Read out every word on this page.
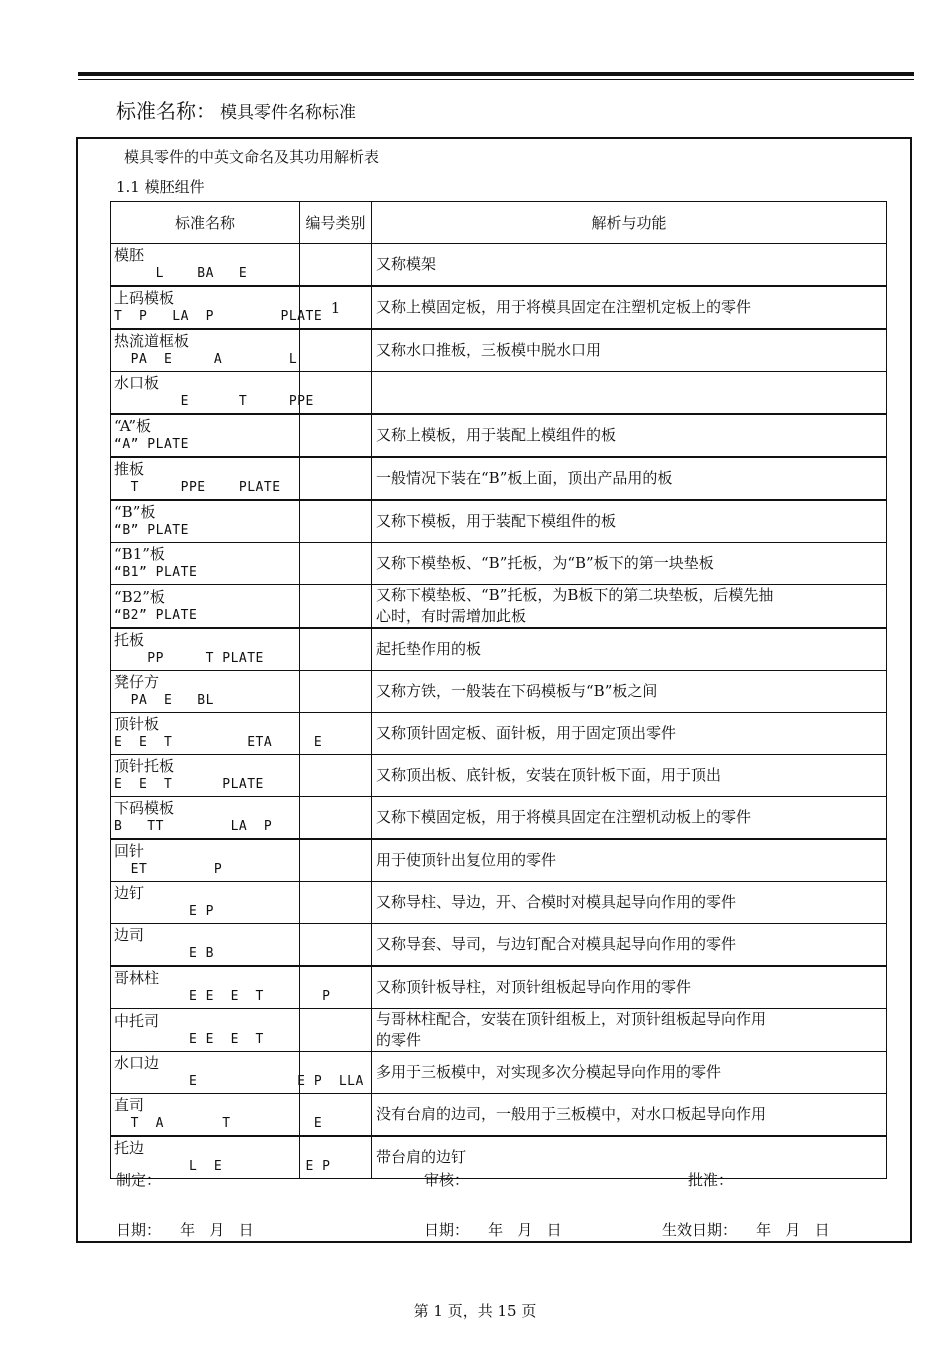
标准名称： 模具零件名称标准
模具零件的中英文命名及其功用解析表
1.1 模胚组件
标准名称	编号类别	解析与功能

模胚
L    BA   E		又称模架

上码模板
T  P   LA  P        PLATE	1	又称上模固定板，用于将模具固定在注塑机定板上的零件

热流道框板
PA  E     A        L		又称水口推板，三板模中脱水口用

水口板
E      T     PPE		

“A”板
“A” PLATE		又称上模板，用于装配上模组件的板

推板
T     PPE    PLATE		一般情况下装在“B”板上面，顶出产品用的板

“B”板
“B” PLATE		又称下模板，用于装配下模组件的板

“B1”板
“B1” PLATE		又称下模垫板、“B”托板，为“B”板下的第一块垫板

“B2”板
“B2” PLATE		又称下模垫板、“B”托板，为B板下的第二块垫板，后模先抽心时，有时需增加此板

托板
PP     T PLATE		起托垫作用的板

凳仔方
PA  E   BL		又称方铁，一般装在下码模板与“B”板之间

顶针板
E  E  T         ETA     E		又称顶针固定板、面针板，用于固定顶出零件

顶针托板
E  E  T      PLATE		又称顶出板、底针板，安装在顶针板下面，用于顶出

下码模板
B   TT        LA  P		又称下模固定板，用于将模具固定在注塑机动板上的零件

回针
ET        P		用于使顶针出复位用的零件

边钉
E P		又称导柱、导边，开、合模时对模具起导向作用的零件

边司
E B		又称导套、导司，与边钉配合对模具起导向作用的零件

哥林柱
E E  E  T       P		又称顶针板导柱，对顶针组板起导向作用的零件

中托司
E E  E  T		与哥林柱配合，安装在顶针组板上，对顶针组板起导向作用的零件

水口边
E            E P  LLA		多用于三板模中，对实现多次分模起导向作用的零件

直司
T  A       T          E		没有台肩的边司，一般用于三板模中，对水口板起导向作用

托边
L  E          E P		带台肩的边钉
制定：	审核：	批准：
日期：    年   月   日	日期：    年   月   日	生效日期：    年   月   日
第 1 页，共 15 页
